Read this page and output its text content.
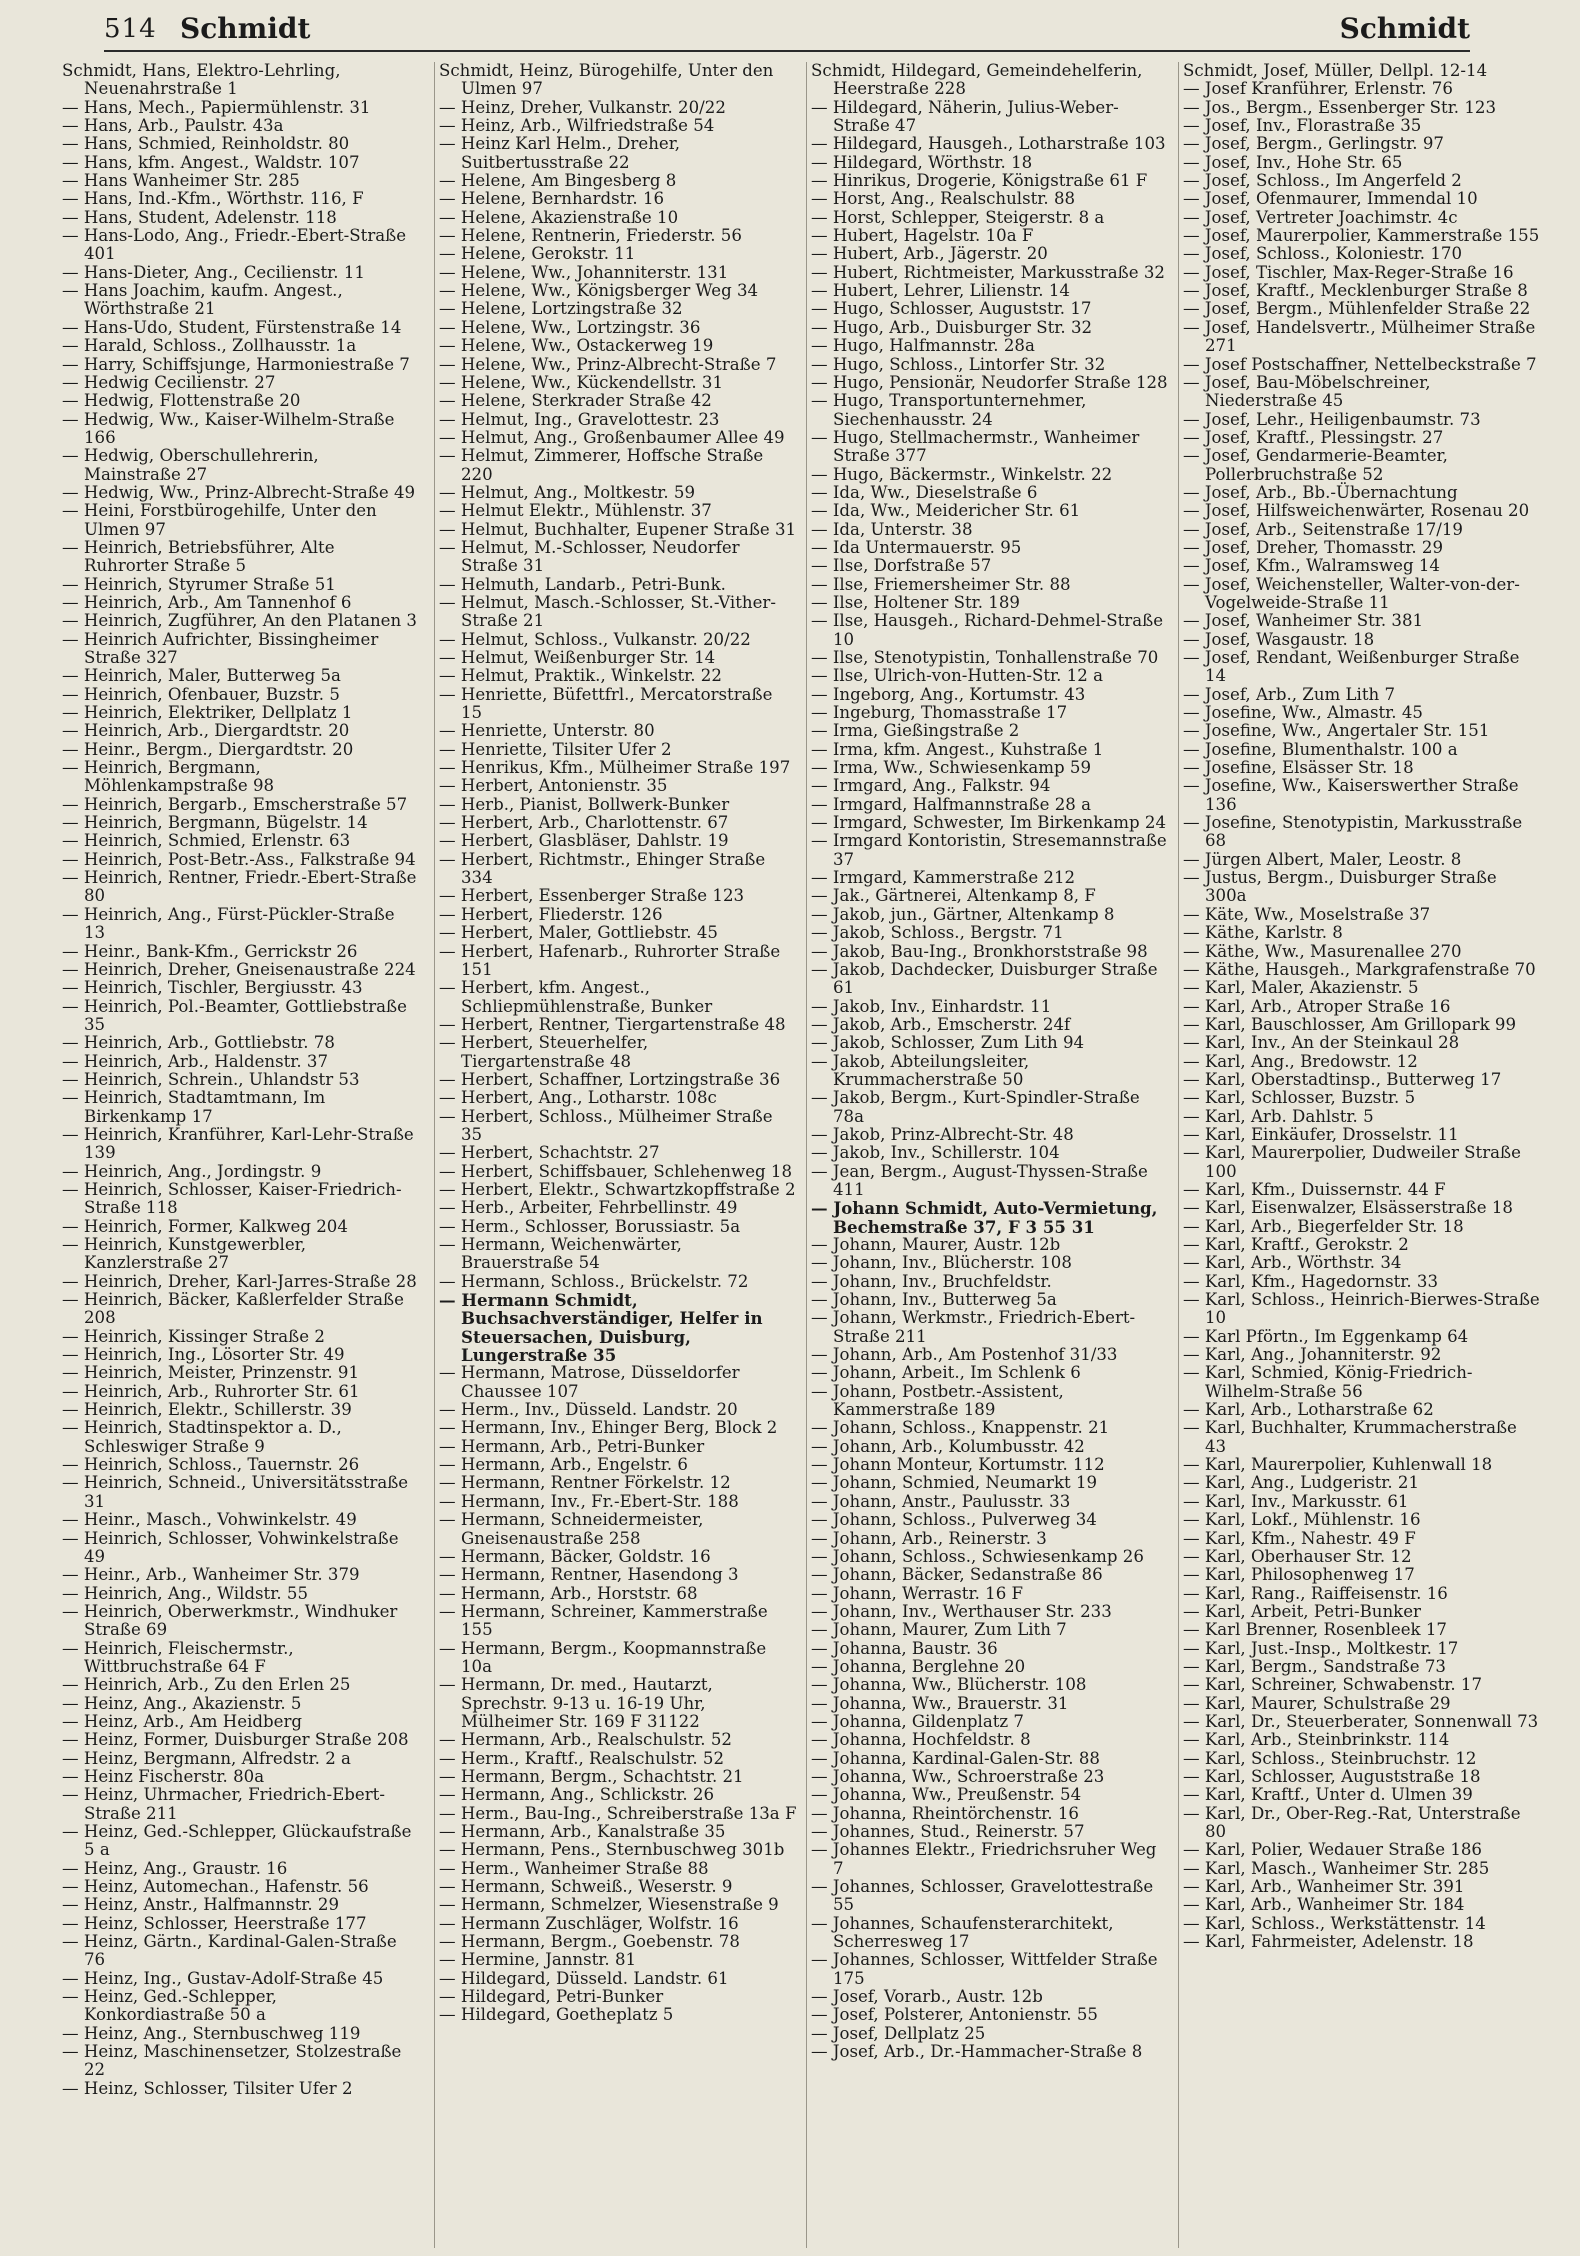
514 Schmidt	Schmidt

Schmidt, Hans, Elektro-Lehrling, Neuenahrstraße 1

— Hans, Mech., Papiermühlenstr. 31

— Hans, Arb., Paulstr. 43a

— Hans, Schmied, Reinholdstr. 80

— Hans, kfm. Angest., Waldstr. 107

— Hans Wanheimer Str. 285

— Hans, Ind.-Kfm., Wörthstr. 116, F

— Hans, Student, Adelenstr. 118

— Hans-Lodo, Ang., Friedr.-Ebert-Straße 401

— Hans-Dieter, Ang., Cecilienstr. 11

— Hans Joachim, kaufm. Angest., Wörthstraße 21

— Hans-Udo, Student, Fürstenstraße 14

— Harald, Schloss., Zollhausstr. 1a

— Harry, Schiffsjunge, Harmoniestraße 7

— Hedwig Cecilienstr. 27

— Hedwig, Flottenstraße 20

— Hedwig, Ww., Kaiser-Wilhelm-Straße 166

— Hedwig, Oberschullehrerin, Mainstraße 27

— Hedwig, Ww., Prinz-Albrecht-Straße 49

— Heini, Forstbürogehilfe, Unter den Ulmen 97

— Heinrich, Betriebsführer, Alte Ruhrorter Straße 5

— Heinrich, Styrumer Straße 51

— Heinrich, Arb., Am Tannenhof 6

— Heinrich, Zugführer, An den Platanen 3

— Heinrich Aufrichter, Bissingheimer Straße 327

— Heinrich, Maler, Butterweg 5a

— Heinrich, Ofenbauer, Buzstr. 5

— Heinrich, Elektriker, Dellplatz 1

— Heinrich, Arb., Diergardtstr. 20

— Heinr., Bergm., Diergardtstr. 20

— Heinrich, Bergmann, Möhlenkampstraße 98

— Heinrich, Bergarb., Emscherstraße 57

— Heinrich, Bergmann, Bügelstr. 14

— Heinrich, Schmied, Erlenstr. 63

— Heinrich, Post-Betr.-Ass., Falkstraße 94

— Heinrich, Rentner, Friedr.-Ebert-Straße 80

— Heinrich, Ang., Fürst-Pückler-Straße 13

— Heinr., Bank-Kfm., Gerrickstr 26

— Heinrich, Dreher, Gneisenaustraße 224

— Heinrich, Tischler, Bergiusstr. 43

— Heinrich, Pol.-Beamter, Gottliebstraße 35

— Heinrich, Arb., Gottliebstr. 78

— Heinrich, Arb., Haldenstr. 37

— Heinrich, Schrein., Uhlandstr 53

— Heinrich, Stadtamtmann, Im Birkenkamp 17

— Heinrich, Kranführer, Karl-Lehr-Straße 139

— Heinrich, Ang., Jordingstr. 9

— Heinrich, Schlosser, Kaiser-Friedrich-Straße 118

— Heinrich, Former, Kalkweg 204

— Heinrich, Kunstgewerbler, Kanzlerstraße 27

— Heinrich, Dreher, Karl-Jarres-Straße 28

— Heinrich, Bäcker, Kaßlerfelder Straße 208

— Heinrich, Kissinger Straße 2

— Heinrich, Ing., Lösorter Str. 49

— Heinrich, Meister, Prinzenstr. 91

— Heinrich, Arb., Ruhrorter Str. 61

— Heinrich, Elektr., Schillerstr. 39

— Heinrich, Stadtinspektor a. D., Schleswiger Straße 9

— Heinrich, Schloss., Tauernstr. 26

— Heinrich, Schneid., Universitätsstraße 31

— Heinr., Masch., Vohwinkelstr. 49

— Heinrich, Schlosser, Vohwinkelstraße 49

— Heinr., Arb., Wanheimer Str. 379

— Heinrich, Ang., Wildstr. 55

— Heinrich, Oberwerkmstr., Windhuker Straße 69

— Heinrich, Fleischermstr., Wittbruchstraße 64 F

— Heinrich, Arb., Zu den Erlen 25

— Heinz, Ang., Akazienstr. 5

— Heinz, Arb., Am Heidberg

— Heinz, Former, Duisburger Straße 208

— Heinz, Bergmann, Alfredstr. 2 a

— Heinz Fischerstr. 80a

— Heinz, Uhrmacher, Friedrich-Ebert-Straße 211

— Heinz, Ged.-Schlepper, Glückaufstraße 5 a

— Heinz, Ang., Graustr. 16

— Heinz, Automechan., Hafenstr. 56

— Heinz, Anstr., Halfmannstr. 29

— Heinz, Schlosser, Heerstraße 177

— Heinz, Gärtn., Kardinal-Galen-Straße 76

— Heinz, Ing., Gustav-Adolf-Straße 45

— Heinz, Ged.-Schlepper, Konkordiastraße 50 a

— Heinz, Ang., Sternbuschweg 119

— Heinz, Maschinensetzer, Stolzestraße 22

— Heinz, Schlosser, Tilsiter Ufer 2

Schmidt, Heinz, Bürogehilfe, Unter den Ulmen 97

— Heinz, Dreher, Vulkanstr. 20/22

— Heinz, Arb., Wilfriedstraße 54

— Heinz Karl Helm., Dreher, Suitbertusstraße 22

— Helene, Am Bingesberg 8

— Helene, Bernhardstr. 16

— Helene, Akazienstraße 10

— Helene, Rentnerin, Friederstr. 56

— Helene, Gerokstr. 11

— Helene, Ww., Johanniterstr. 131

— Helene, Ww., Königsberger Weg 34

— Helene, Lortzingstraße 32

— Helene, Ww., Lortzingstr. 36

— Helene, Ww., Ostackerweg 19

— Helene, Ww., Prinz-Albrecht-Straße 7

— Helene, Ww., Kückendellstr. 31

— Helene, Sterkrader Straße 42

— Helmut, Ing., Gravelottestr. 23

— Helmut, Ang., Großenbaumer Allee 49

— Helmut, Zimmerer, Hoffsche Straße 220

— Helmut, Ang., Moltkestr. 59

— Helmut Elektr., Mühlenstr. 37

— Helmut, Buchhalter, Eupener Straße 31

— Helmut, M.-Schlosser, Neudorfer Straße 31

— Helmuth, Landarb., Petri-Bunk.

— Helmut, Masch.-Schlosser, St.-Vither-Straße 21

— Helmut, Schloss., Vulkanstr. 20/22

— Helmut, Weißenburger Str. 14

— Helmut, Praktik., Winkelstr. 22

— Henriette, Büfettfrl., Mercatorstraße 15

— Henriette, Unterstr. 80

— Henriette, Tilsiter Ufer 2

— Henrikus, Kfm., Mülheimer Straße 197

— Herbert, Antonienstr. 35

— Herb., Pianist, Bollwerk-Bunker

— Herbert, Arb., Charlottenstr. 67

— Herbert, Glasbläser, Dahlstr. 19

— Herbert, Richtmstr., Ehinger Straße 334

— Herbert, Essenberger Straße 123

— Herbert, Fliederstr. 126

— Herbert, Maler, Gottliebstr. 45

— Herbert, Hafenarb., Ruhrorter Straße 151

— Herbert, kfm. Angest., Schliepmühlenstraße, Bunker

— Herbert, Rentner, Tiergartenstraße 48

— Herbert, Steuerhelfer, Tiergartenstraße 48

— Herbert, Schaffner, Lortzingstraße 36

— Herbert, Ang., Lotharstr. 108c

— Herbert, Schloss., Mülheimer Straße 35

— Herbert, Schachtstr. 27

— Herbert, Schiffsbauer, Schlehenweg 18

— Herbert, Elektr., Schwartzkopffstraße 2

— Herb., Arbeiter, Fehrbellinstr. 49

— Herm., Schlosser, Borussiastr. 5a

— Hermann, Weichenwärter, Brauerstraße 54

— Hermann, Schloss., Brückelstr. 72

— Hermann Schmidt, Buchsachverständiger, Helfer in Steuersachen, Duisburg, Lungerstraße 35

— Hermann, Matrose, Düsseldorfer Chaussee 107

— Herm., Inv., Düsseld. Landstr. 20

— Hermann, Inv., Ehinger Berg, Block 2

— Hermann, Arb., Petri-Bunker

— Hermann, Arb., Engelstr. 6

— Hermann, Rentner Förkelstr. 12

— Hermann, Inv., Fr.-Ebert-Str. 188

— Hermann, Schneidermeister, Gneisenaustraße 258

— Hermann, Bäcker, Goldstr. 16

— Hermann, Rentner, Hasendong 3

— Hermann, Arb., Horststr. 68

— Hermann, Schreiner, Kammerstraße 155

— Hermann, Bergm., Koopmannstraße 10a

— Hermann, Dr. med., Hautarzt, Sprechstr. 9-13 u. 16-19 Uhr, Mülheimer Str. 169 F 31122

— Hermann, Arb., Realschulstr. 52

— Herm., Kraftf., Realschulstr. 52

— Hermann, Bergm., Schachtstr. 21

— Hermann, Ang., Schlickstr. 26

— Herm., Bau-Ing., Schreiberstraße 13a F

— Hermann, Arb., Kanalstraße 35

— Hermann, Pens., Sternbuschweg 301b

— Herm., Wanheimer Straße 88

— Hermann, Schweiß., Weserstr. 9

— Hermann, Schmelzer, Wiesenstraße 9

— Hermann Zuschläger, Wolfstr. 16

— Hermann, Bergm., Goebenstr. 78

— Hermine, Jannstr. 81

— Hildegard, Düsseld. Landstr. 61

— Hildegard, Petri-Bunker

— Hildegard, Goetheplatz 5

Schmidt, Hildegard, Gemeindehelferin, Heerstraße 228

— Hildegard, Näherin, Julius-Weber-Straße 47

— Hildegard, Hausgeh., Lotharstraße 103

— Hildegard, Wörthstr. 18

— Hinrikus, Drogerie, Königstraße 61 F

— Horst, Ang., Realschulstr. 88

— Horst, Schlepper, Steigerstr. 8 a

— Hubert, Hagelstr. 10a F

— Hubert, Arb., Jägerstr. 20

— Hubert, Richtmeister, Markusstraße 32

— Hubert, Lehrer, Lilienstr. 14

— Hugo, Schlosser, Auguststr. 17

— Hugo, Arb., Duisburger Str. 32

— Hugo, Halfmannstr. 28a

— Hugo, Schloss., Lintorfer Str. 32

— Hugo, Pensionär, Neudorfer Straße 128

— Hugo, Transportunternehmer, Siechenhausstr. 24

— Hugo, Stellmachermstr., Wanheimer Straße 377

— Hugo, Bäckermstr., Winkelstr. 22

— Ida, Ww., Dieselstraße 6

— Ida, Ww., Meidericher Str. 61

— Ida, Unterstr. 38

— Ida Untermauerstr. 95

— Ilse, Dorfstraße 57

— Ilse, Friemersheimer Str. 88

— Ilse, Holtener Str. 189

— Ilse, Hausgeh., Richard-Dehmel-Straße 10

— Ilse, Stenotypistin, Tonhallenstraße 70

— Ilse, Ulrich-von-Hutten-Str. 12 a

— Ingeborg, Ang., Kortumstr. 43

— Ingeburg, Thomasstraße 17

— Irma, Gießingstraße 2

— Irma, kfm. Angest., Kuhstraße 1

— Irma, Ww., Schwiesenkamp 59

— Irmgard, Ang., Falkstr. 94

— Irmgard, Halfmannstraße 28 a

— Irmgard, Schwester, Im Birkenkamp 24

— Irmgard Kontoristin, Stresemannstraße 37

— Irmgard, Kammerstraße 212

— Jak., Gärtnerei, Altenkamp 8, F

— Jakob, jun., Gärtner, Altenkamp 8

— Jakob, Schloss., Bergstr. 71

— Jakob, Bau-Ing., Bronkhorststraße 98

— Jakob, Dachdecker, Duisburger Straße 61

— Jakob, Inv., Einhardstr. 11

— Jakob, Arb., Emscherstr. 24f

— Jakob, Schlosser, Zum Lith 94

— Jakob, Abteilungsleiter, Krummacherstraße 50

— Jakob, Bergm., Kurt-Spindler-Straße 78a

— Jakob, Prinz-Albrecht-Str. 48

— Jakob, Inv., Schillerstr. 104

— Jean, Bergm., August-Thyssen-Straße 411

— Johann Schmidt, Auto-Vermietung, Bechemstraße 37, F 3 55 31

— Johann, Maurer, Austr. 12b

— Johann, Inv., Blücherstr. 108

— Johann, Inv., Bruchfeldstr.

— Johann, Inv., Butterweg 5a

— Johann, Werkmstr., Friedrich-Ebert-Straße 211

— Johann, Arb., Am Postenhof 31/33

— Johann, Arbeit., Im Schlenk 6

— Johann, Postbetr.-Assistent, Kammerstraße 189

— Johann, Schloss., Knappenstr. 21

— Johann, Arb., Kolumbusstr. 42

— Johann Monteur, Kortumstr. 112

— Johann, Schmied, Neumarkt 19

— Johann, Anstr., Paulusstr. 33

— Johann, Schloss., Pulverweg 34

— Johann, Arb., Reinerstr. 3

— Johann, Schloss., Schwiesenkamp 26

— Johann, Bäcker, Sedanstraße 86

— Johann, Werrastr. 16 F

— Johann, Inv., Werthauser Str. 233

— Johann, Maurer, Zum Lith 7

— Johanna, Baustr. 36

— Johanna, Berglehne 20

— Johanna, Ww., Blücherstr. 108

— Johanna, Ww., Brauerstr. 31

— Johanna, Gildenplatz 7

— Johanna, Hochfeldstr. 8

— Johanna, Kardinal-Galen-Str. 88

— Johanna, Ww., Schroerstraße 23

— Johanna, Ww., Preußenstr. 54

— Johanna, Rheintörchenstr. 16

— Johannes, Stud., Reinerstr. 57

— Johannes Elektr., Friedrichsruher Weg 7

— Johannes, Schlosser, Gravelottestraße 55

— Johannes, Schaufensterarchitekt, Scherresweg 17

— Johannes, Schlosser, Wittfelder Straße 175

— Josef, Vorarb., Austr. 12b

— Josef, Polsterer, Antonienstr. 55

— Josef, Dellplatz 25

— Josef, Arb., Dr.-Hammacher-Straße 8

Schmidt, Josef, Müller, Dellpl. 12-14

— Josef Kranführer, Erlenstr. 76

— Jos., Bergm., Essenberger Str. 123

— Josef, Inv., Florastraße 35

— Josef, Bergm., Gerlingstr. 97

— Josef, Inv., Hohe Str. 65

— Josef, Schloss., Im Angerfeld 2

— Josef, Ofenmaurer, Immendal 10

— Josef, Vertreter Joachimstr. 4c

— Josef, Maurerpolier, Kammerstraße 155

— Josef, Schloss., Koloniestr. 170

— Josef, Tischler, Max-Reger-Straße 16

— Josef, Kraftf., Mecklenburger Straße 8

— Josef, Bergm., Mühlenfelder Straße 22

— Josef, Handelsvertr., Mülheimer Straße 271

— Josef Postschaffner, Nettelbeckstraße 7

— Josef, Bau-Möbelschreiner, Niederstraße 45

— Josef, Lehr., Heiligenbaumstr. 73

— Josef, Kraftf., Plessingstr. 27

— Josef, Gendarmerie-Beamter, Pollerbruchstraße 52

— Josef, Arb., Bb.-Übernachtung

— Josef, Hilfsweichenwärter, Rosenau 20

— Josef, Arb., Seitenstraße 17/19

— Josef, Dreher, Thomasstr. 29

— Josef, Kfm., Walramsweg 14

— Josef, Weichensteller, Walter-von-der-Vogelweide-Straße 11

— Josef, Wanheimer Str. 381

— Josef, Wasgaustr. 18

— Josef, Rendant, Weißenburger Straße 14

— Josef, Arb., Zum Lith 7

— Josefine, Ww., Almastr. 45

— Josefine, Ww., Angertaler Str. 151

— Josefine, Blumenthalstr. 100 a

— Josefine, Elsässer Str. 18

— Josefine, Ww., Kaiserswerther Straße 136

— Josefine, Stenotypistin, Markusstraße 68

— Jürgen Albert, Maler, Leostr. 8

— Justus, Bergm., Duisburger Straße 300a

— Käte, Ww., Moselstraße 37

— Käthe, Karlstr. 8

— Käthe, Ww., Masurenallee 270

— Käthe, Hausgeh., Markgrafenstraße 70

— Karl, Maler, Akazienstr. 5

— Karl, Arb., Atroper Straße 16

— Karl, Bauschlosser, Am Grillopark 99

— Karl, Inv., An der Steinkaul 28

— Karl, Ang., Bredowstr. 12

— Karl, Oberstadtinsp., Butterweg 17

— Karl, Schlosser, Buzstr. 5

— Karl, Arb. Dahlstr. 5

— Karl, Einkäufer, Drosselstr. 11

— Karl, Maurerpolier, Dudweiler Straße 100

— Karl, Kfm., Duissernstr. 44 F

— Karl, Eisenwalzer, Elsässerstraße 18

— Karl, Arb., Biegerfelder Str. 18

— Karl, Kraftf., Gerokstr. 2

— Karl, Arb., Wörthstr. 34

— Karl, Kfm., Hagedornstr. 33

— Karl, Schloss., Heinrich-Bierwes-Straße 10

— Karl Pförtn., Im Eggenkamp 64

— Karl, Ang., Johanniterstr. 92

— Karl, Schmied, König-Friedrich-Wilhelm-Straße 56

— Karl, Arb., Lotharstraße 62

— Karl, Buchhalter, Krummacherstraße 43

— Karl, Maurerpolier, Kuhlenwall 18

— Karl, Ang., Ludgeristr. 21

— Karl, Inv., Markusstr. 61

— Karl, Lokf., Mühlenstr. 16

— Karl, Kfm., Nahestr. 49 F

— Karl, Oberhauser Str. 12

— Karl, Philosophenweg 17

— Karl, Rang., Raiffeisenstr. 16

— Karl, Arbeit, Petri-Bunker

— Karl Brenner, Rosenbleek 17

— Karl, Just.-Insp., Moltkestr. 17

— Karl, Bergm., Sandstraße 73

— Karl, Schreiner, Schwabenstr. 17

— Karl, Maurer, Schulstraße 29

— Karl, Dr., Steuerberater, Sonnenwall 73

— Karl, Arb., Steinbrinkstr. 114

— Karl, Schloss., Steinbruchstr. 12

— Karl, Schlosser, Auguststraße 18

— Karl, Kraftf., Unter d. Ulmen 39

— Karl, Dr., Ober-Reg.-Rat, Unterstraße 80

— Karl, Polier, Wedauer Straße 186

— Karl, Masch., Wanheimer Str. 285

— Karl, Arb., Wanheimer Str. 391

— Karl, Arb., Wanheimer Str. 184

— Karl, Schloss., Werkstättenstr. 14

— Karl, Fahrmeister, Adelenstr. 18
